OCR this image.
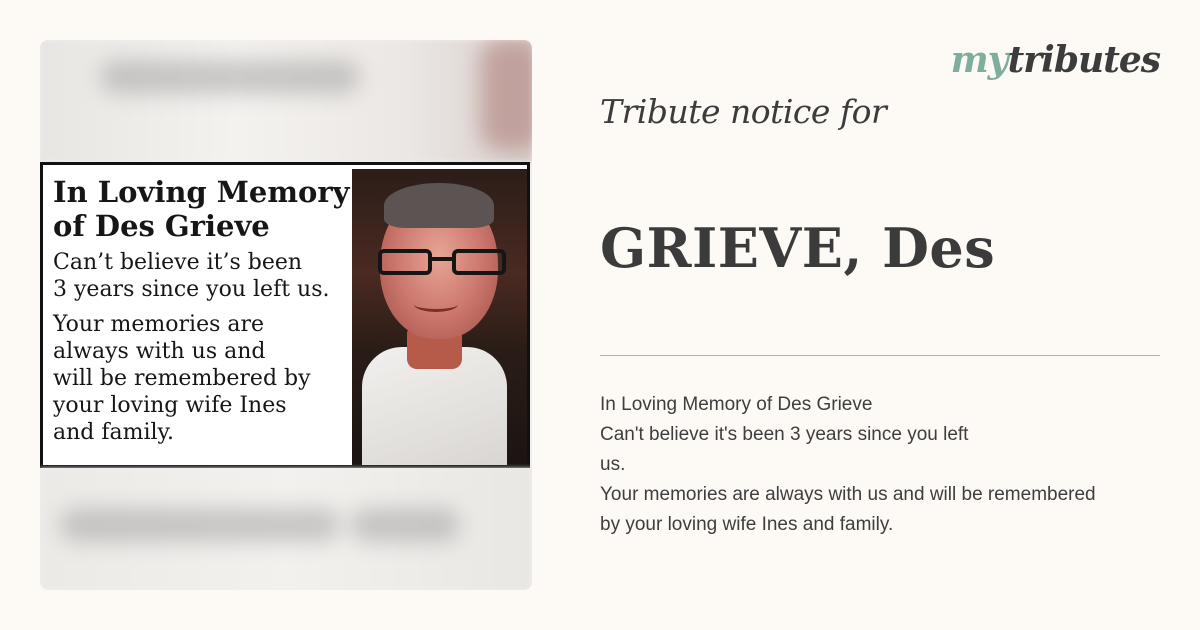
In Loving Memory
of Des Grieve

Can’t believe it’s been

3 years since you left us.

Your memories are

always with us and

will be remembered by

your loving wife Ines

and family.

mytributes
Tribute notice for
GRIEVE, Des

In Loving Memory of Des Grieve

Can't believe it's been 3 years since you left

us.

Your memories are always with us and will be remembered

by your loving wife Ines and family.
